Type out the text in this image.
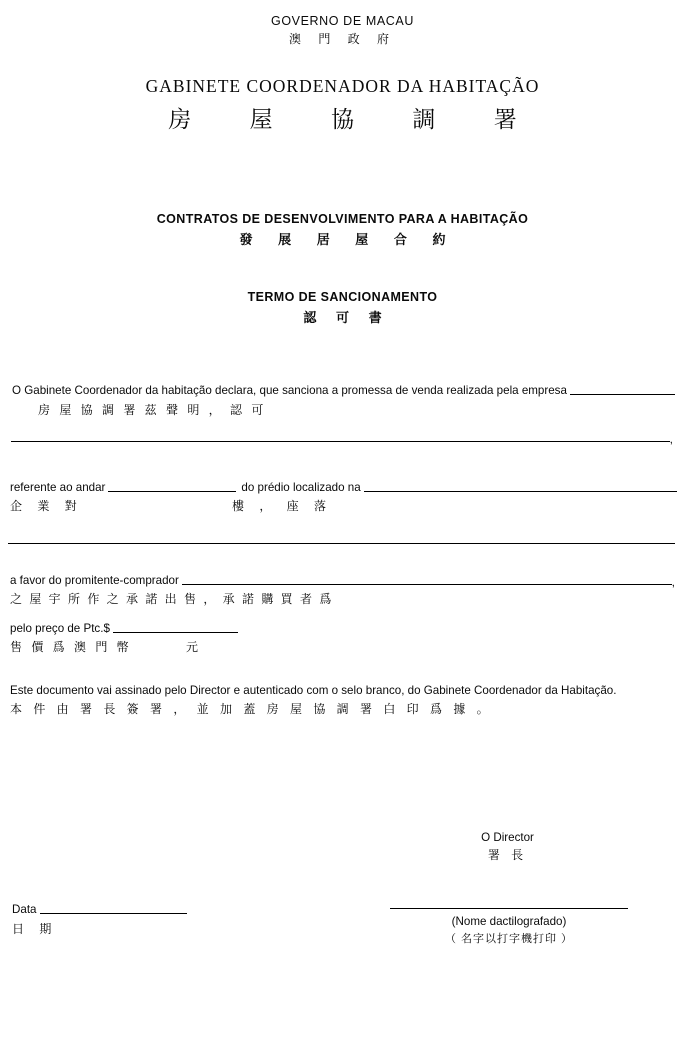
GOVERNO DE MACAU
澳 門 政 府
GABINETE COORDENADOR DA HABITAÇÃO
房 屋 協 調 署
CONTRATOS DE DESENVOLVIMENTO PARA A HABITAÇÃO
發 展 居 屋 合 約
TERMO DE SANCIONAMENTO
認 可 書
O Gabinete Coordenador da habitação declara, que sanciona a promessa de venda realizada pela empresa
房 屋 協 調 署 茲 聲 明 ， 認 可
,
referente ao andar	do prédio localizado na
企 業 對	樓 ， 座 落
a favor do promitente-comprador	,
之 屋 宇 所 作 之 承 諾 出 售 ， 承 諾 購 買 者 爲
pelo preço de Ptc.$
售 價 爲 澳 門 幣	元
Este documento vai assinado pelo Director e autenticado com o selo branco, do Gabinete Coordenador da Habitação.
本 件 由 署 長 簽 署 ， 並 加 蓋 房 屋 協 調 署 白 印 爲 據 。
O Director
署 長
Data
日 期
(Nome dactilografado)
（ 名字以打字機打印 ）
